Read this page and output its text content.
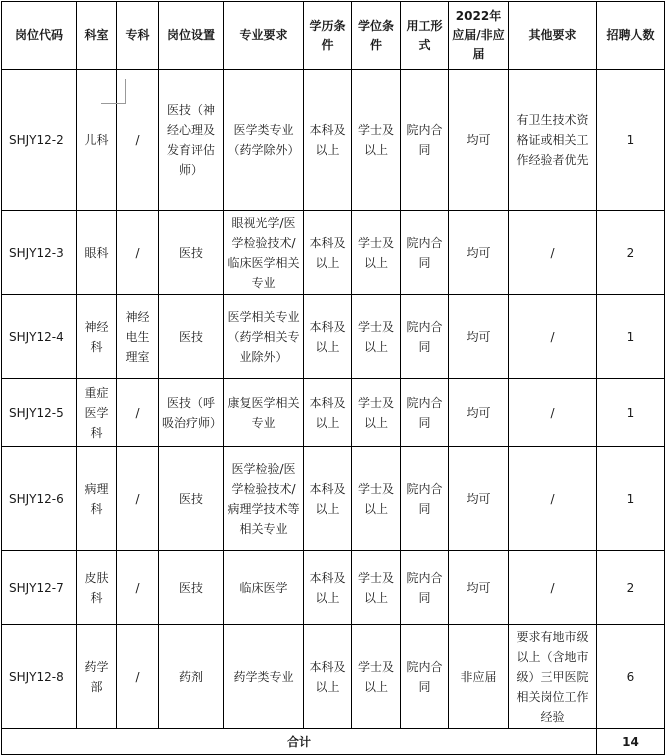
岗位代码	科室	专科	岗位设置	专业要求	学历条件	学位条件	用工形式	2022年应届/非应届	其他要求	招聘人数
SHJY12-2	儿科	/	医技（神经心理及发育评估师）	医学类专业（药学除外）	本科及以上	学士及以上	院内合同	均可	有卫生技术资格证或相关工作经验者优先	1
SHJY12-3	眼科	/	医技	眼视光学/医学检验技术/临床医学相关专业	本科及以上	学士及以上	院内合同	均可	/	2
SHJY12-4	神经科	神经电生理室	医技	医学相关专业（药学相关专业除外）	本科及以上	学士及以上	院内合同	均可	/	1
SHJY12-5	重症医学科	/	医技（呼吸治疗师）	康复医学相关专业	本科及以上	学士及以上	院内合同	均可	/	1
SHJY12-6	病理科	/	医技	医学检验/医学检验技术/病理学技术等相关专业	本科及以上	学士及以上	院内合同	均可	/	1
SHJY12-7	皮肤科	/	医技	临床医学	本科及以上	学士及以上	院内合同	均可	/	2
SHJY12-8	药学部	/	药剂	药学类专业	本科及以上	学士及以上	院内合同	非应届	要求有地市级以上（含地市级）三甲医院相关岗位工作经验	6
合计										14
